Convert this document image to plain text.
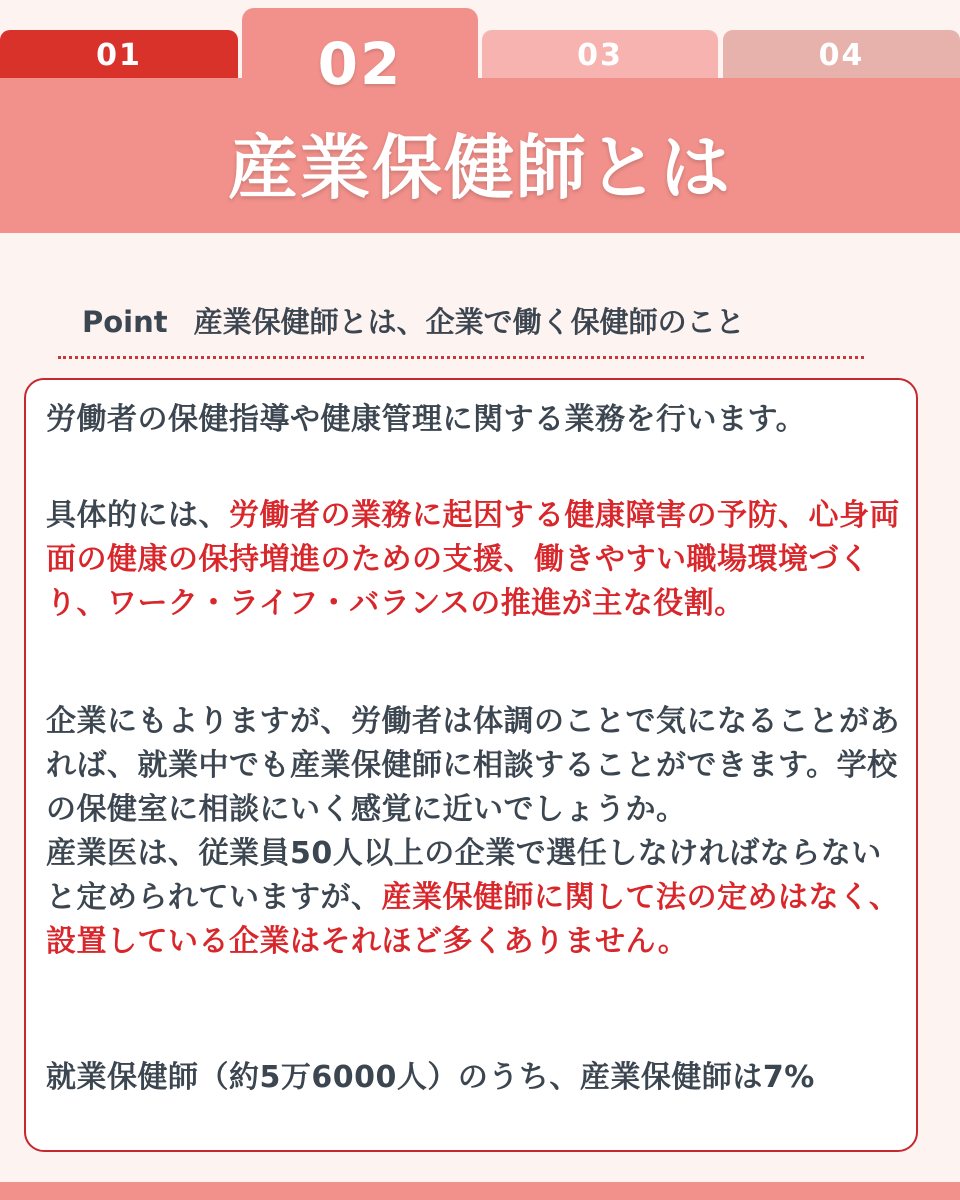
01	03	04
02
産業保健師とは
Point 産業保健師とは、企業で働く保健師のこと

労働者の保健指導や健康管理に関する業務を行います。

具体的には、労働者の業務に起因する健康障害の予防、心身両面の健康の保持増進のための支援、働きやすい職場環境づくり、ワーク・ライフ・バランスの推進が主な役割。

企業にもよりますが、労働者は体調のことで気になることがあれば、就業中でも産業保健師に相談することができます。学校の保健室に相談にいく感覚に近いでしょうか。

産業医は、従業員50人以上の企業で選任しなければならないと定められていますが、産業保健師に関して法の定めはなく、設置している企業はそれほど多くありません。

就業保健師（約5万6000人）のうち、産業保健師は7%
